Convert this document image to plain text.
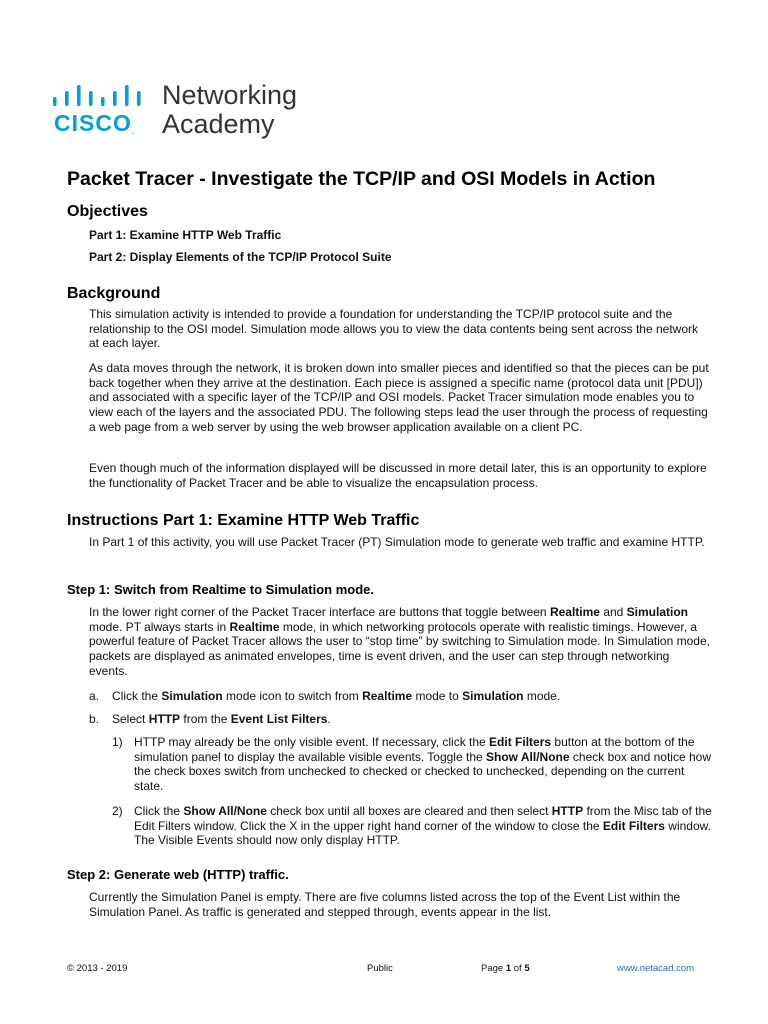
CISCO.
Networking
Academy
Packet Tracer - Investigate the TCP/IP and OSI Models in Action
Objectives

Part 1: Examine HTTP Web Traffic

Part 2: Display Elements of the TCP/IP Protocol Suite

Background

This simulation activity is intended to provide a foundation for understanding the TCP/IP protocol suite and the relationship to the OSI model. Simulation mode allows you to view the data contents being sent across the network at each layer.

As data moves through the network, it is broken down into smaller pieces and identified so that the pieces can be put back together when they arrive at the destination. Each piece is assigned a specific name (protocol data unit [PDU]) and associated with a specific layer of the TCP/IP and OSI models. Packet Tracer simulation mode enables you to view each of the layers and the associated PDU. The following steps lead the user through the process of requesting a web page from a web server by using the web browser application available on a client PC.

Even though much of the information displayed will be discussed in more detail later, this is an opportunity to explore the functionality of Packet Tracer and be able to visualize the encapsulation process.

Instructions Part 1: Examine HTTP Web Traffic

In Part 1 of this activity, you will use Packet Tracer (PT) Simulation mode to generate web traffic and examine HTTP.

Step 1: Switch from Realtime to Simulation mode.

In the lower right corner of the Packet Tracer interface are buttons that toggle between Realtime and Simulation mode. PT always starts in Realtime mode, in which networking protocols operate with realistic timings. However, a powerful feature of Packet Tracer allows the user to “stop time” by switching to Simulation mode. In Simulation mode, packets are displayed as animated envelopes, time is event driven, and the user can step through networking events.

a.	Click the Simulation mode icon to switch from Realtime mode to Simulation mode.
b.	Select HTTP from the Event List Filters.
1) HTTP may already be the only visible event. If necessary, click the Edit Filters button at the bottom of the simulation panel to display the available visible events. Toggle the Show All/None check box and notice how the check boxes switch from unchecked to checked or checked to unchecked, depending on the current state.
2) Click the Show All/None check box until all boxes are cleared and then select HTTP from the Misc tab of the Edit Filters window. Click the X in the upper right hand corner of the window to close the Edit Filters window. The Visible Events should now only display HTTP.
Step 2: Generate web (HTTP) traffic.

Currently the Simulation Panel is empty. There are five columns listed across the top of the Event List within the Simulation Panel. As traffic is generated and stepped through, events appear in the list.

© 2013 - 2019	Public	Page 1 of 5	www.netacad.com
